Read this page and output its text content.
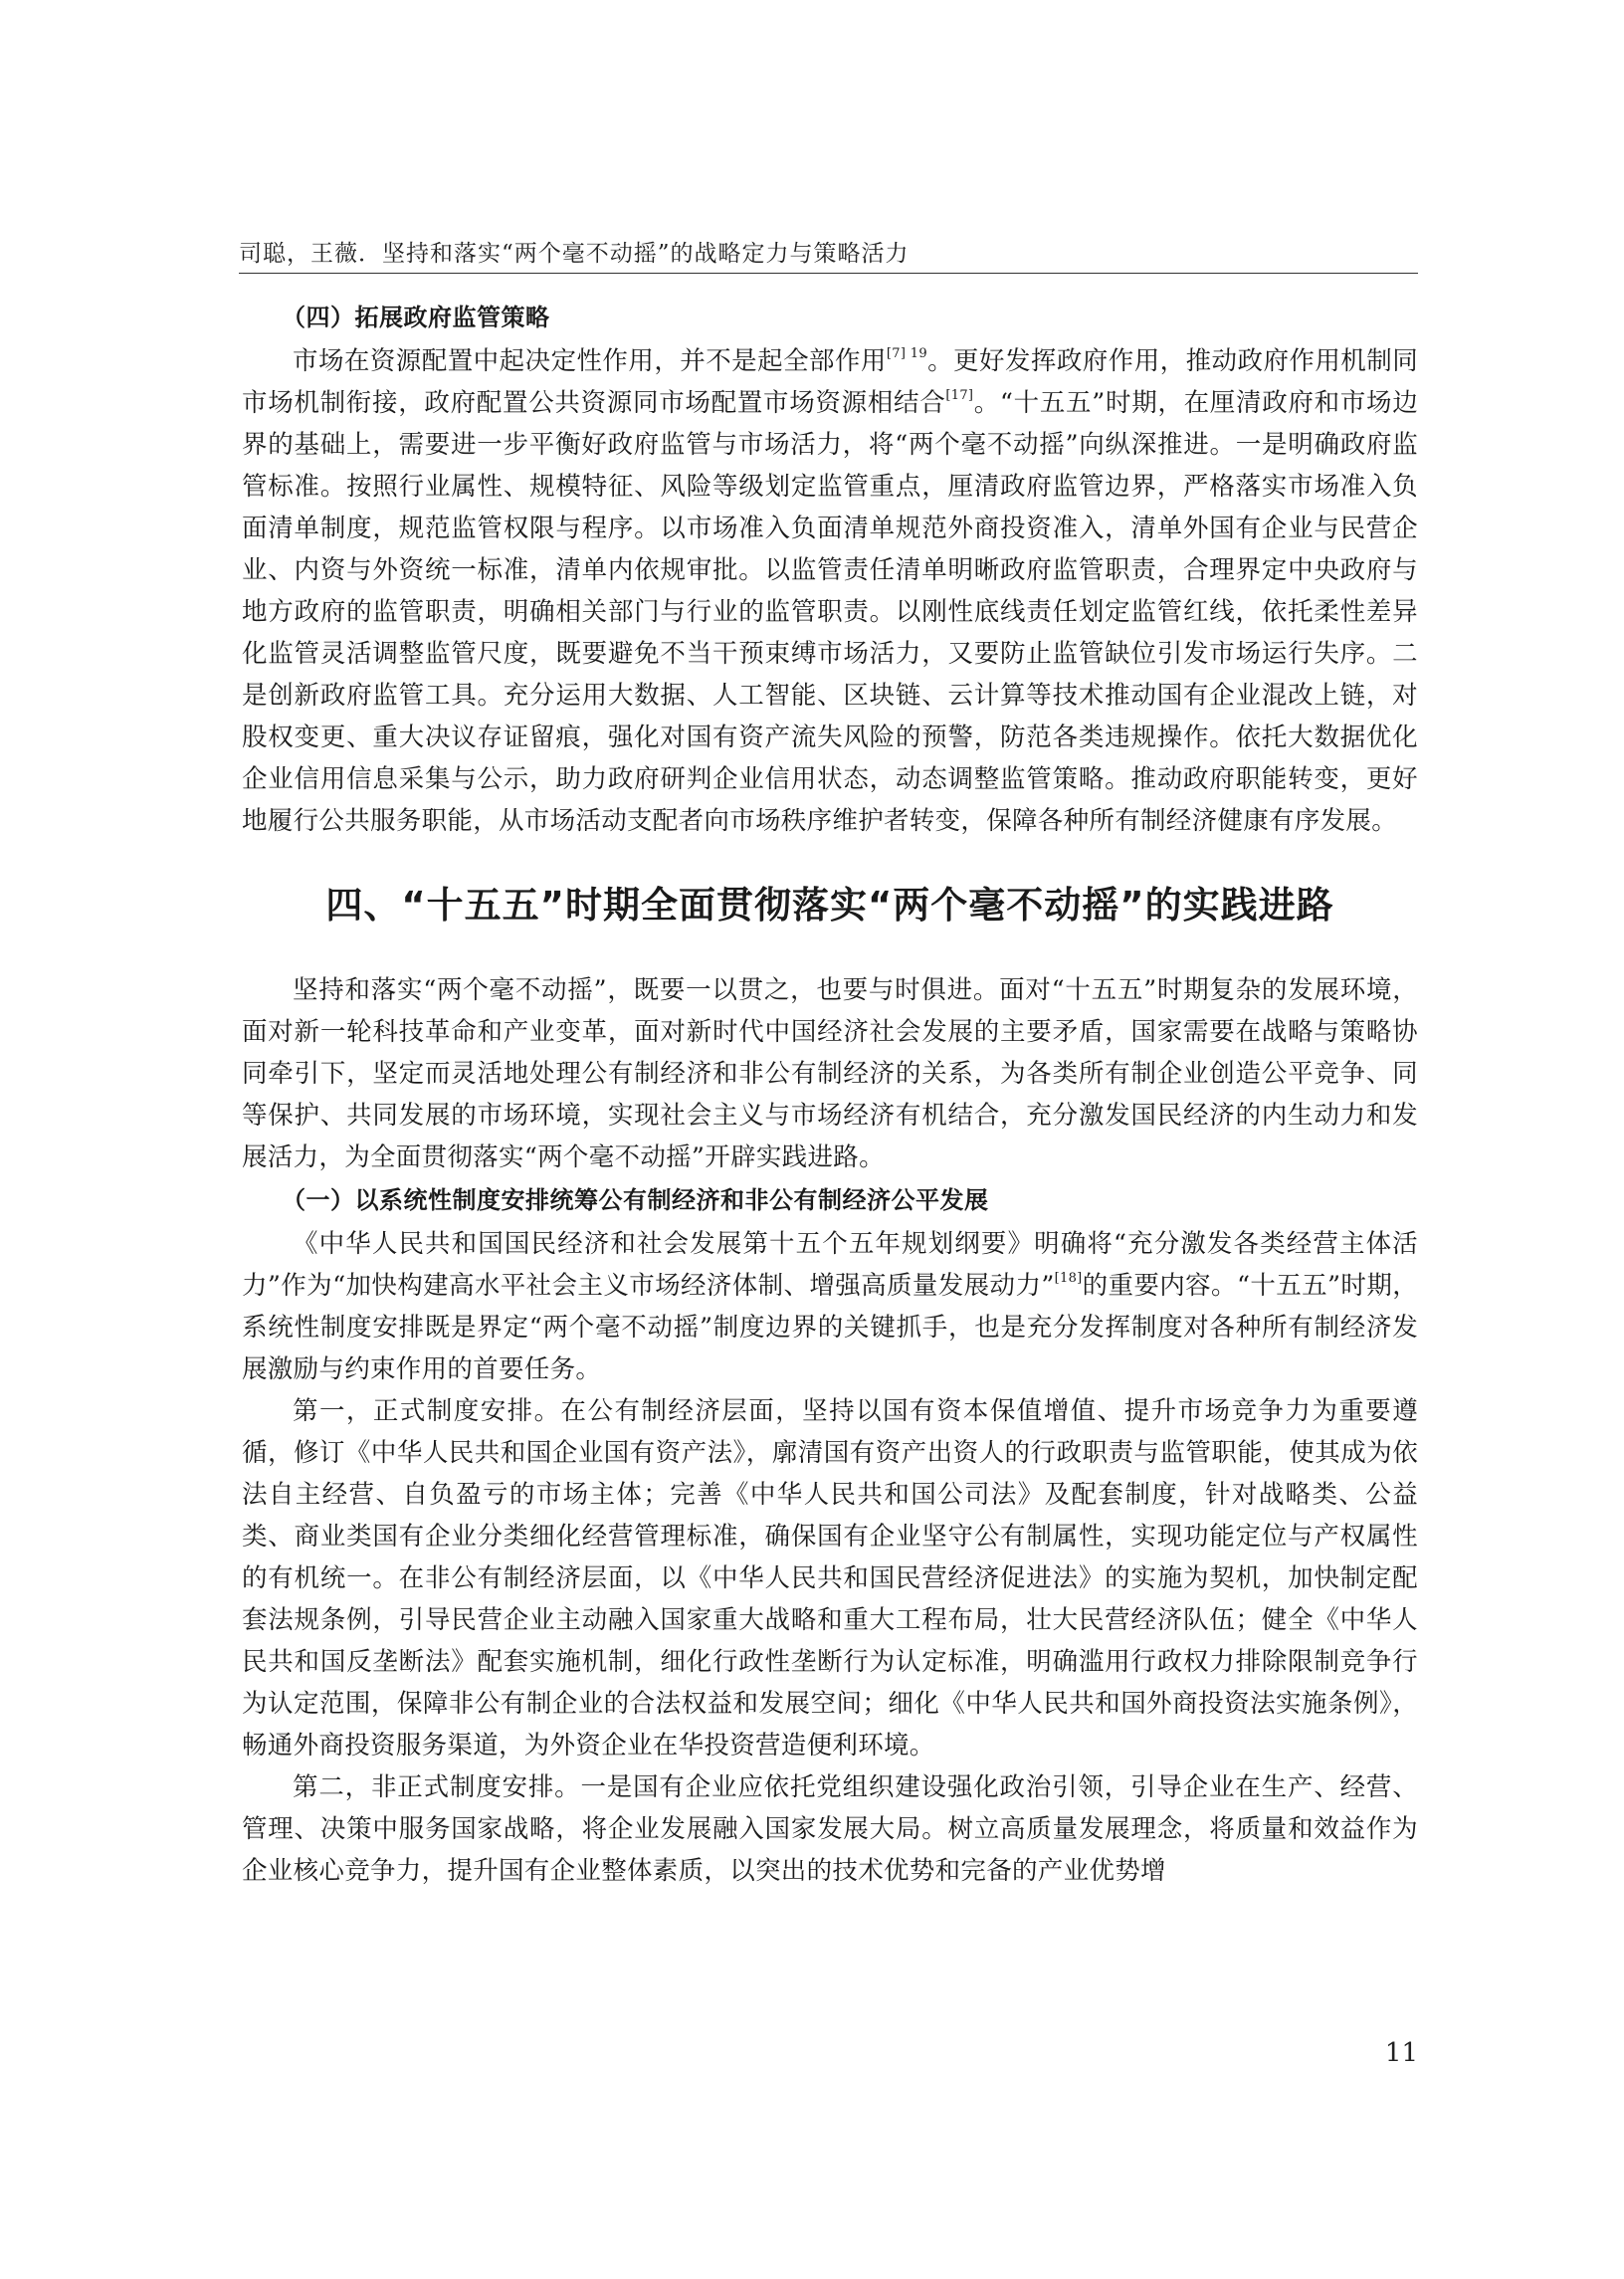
司聪，王薇．坚持和落实“两个毫不动摇”的战略定力与策略活力

（四）拓展政府监管策略

市场在资源配置中起决定性作用，并不是起全部作用$^{[7] 19}$。更好发挥政府作用，推动政府作用机制同市场机制衔接，政府配置公共资源同市场配置市场资源相结合[17]。“十五五”时期，在厘清政府和市场边界的基础上，需要进一步平衡好政府监管与市场活力，将“两个毫不动摇”向纵深推进。一是明确政府监管标准。按照行业属性、规模特征、风险等级划定监管重点，厘清政府监管边界，严格落实市场准入负面清单制度，规范监管权限与程序。以市场准入负面清单规范外商投资准入，清单外国有企业与民营企业、内资与外资统一标准，清单内依规审批。以监管责任清单明晰政府监管职责，合理界定中央政府与地方政府的监管职责，明确相关部门与行业的监管职责。以刚性底线责任划定监管红线，依托柔性差异化监管灵活调整监管尺度，既要避免不当干预束缚市场活力，又要防止监管缺位引发市场运行失序。二是创新政府监管工具。充分运用大数据、人工智能、区块链、云计算等技术推动国有企业混改上链，对股权变更、重大决议存证留痕，强化对国有资产流失风险的预警，防范各类违规操作。依托大数据优化企业信用信息采集与公示，助力政府研判企业信用状态，动态调整监管策略。推动政府职能转变，更好地履行公共服务职能，从市场活动支配者向市场秩序维护者转变，保障各种所有制经济健康有序发展。

四、“十五五”时期全面贯彻落实“两个毫不动摇”的实践进路

坚持和落实“两个毫不动摇”，既要一以贯之，也要与时俱进。面对“十五五”时期复杂的发展环境，面对新一轮科技革命和产业变革，面对新时代中国经济社会发展的主要矛盾，国家需要在战略与策略协同牵引下，坚定而灵活地处理公有制经济和非公有制经济的关系，为各类所有制企业创造公平竞争、同等保护、共同发展的市场环境，实现社会主义与市场经济有机结合，充分激发国民经济的内生动力和发展活力，为全面贯彻落实“两个毫不动摇”开辟实践进路。

（一）以系统性制度安排统筹公有制经济和非公有制经济公平发展

《中华人民共和国国民经济和社会发展第十五个五年规划纲要》明确将“充分激发各类经营主体活力”作为“加快构建高水平社会主义市场经济体制、增强高质量发展动力”[18]的重要内容。“十五五”时期，系统性制度安排既是界定“两个毫不动摇”制度边界的关键抓手，也是充分发挥制度对各种所有制经济发展激励与约束作用的首要任务。

第一，正式制度安排。在公有制经济层面，坚持以国有资本保值增值、提升市场竞争力为重要遵循，修订《中华人民共和国企业国有资产法》，廓清国有资产出资人的行政职责与监管职能，使其成为依法自主经营、自负盈亏的市场主体；完善《中华人民共和国公司法》及配套制度，针对战略类、公益类、商业类国有企业分类细化经营管理标准，确保国有企业坚守公有制属性，实现功能定位与产权属性的有机统一。在非公有制经济层面，以《中华人民共和国民营经济促进法》的实施为契机，加快制定配套法规条例，引导民营企业主动融入国家重大战略和重大工程布局，壮大民营经济队伍；健全《中华人民共和国反垄断法》配套实施机制，细化行政性垄断行为认定标准，明确滥用行政权力排除限制竞争行为认定范围，保障非公有制企业的合法权益和发展空间；细化《中华人民共和国外商投资法实施条例》，畅通外商投资服务渠道，为外资企业在华投资营造便利环境。

第二，非正式制度安排。一是国有企业应依托党组织建设强化政治引领，引导企业在生产、经营、管理、决策中服务国家战略，将企业发展融入国家发展大局。树立高质量发展理念，将质量和效益作为企业核心竞争力，提升国有企业整体素质，以突出的技术优势和完备的产业优势增

11
